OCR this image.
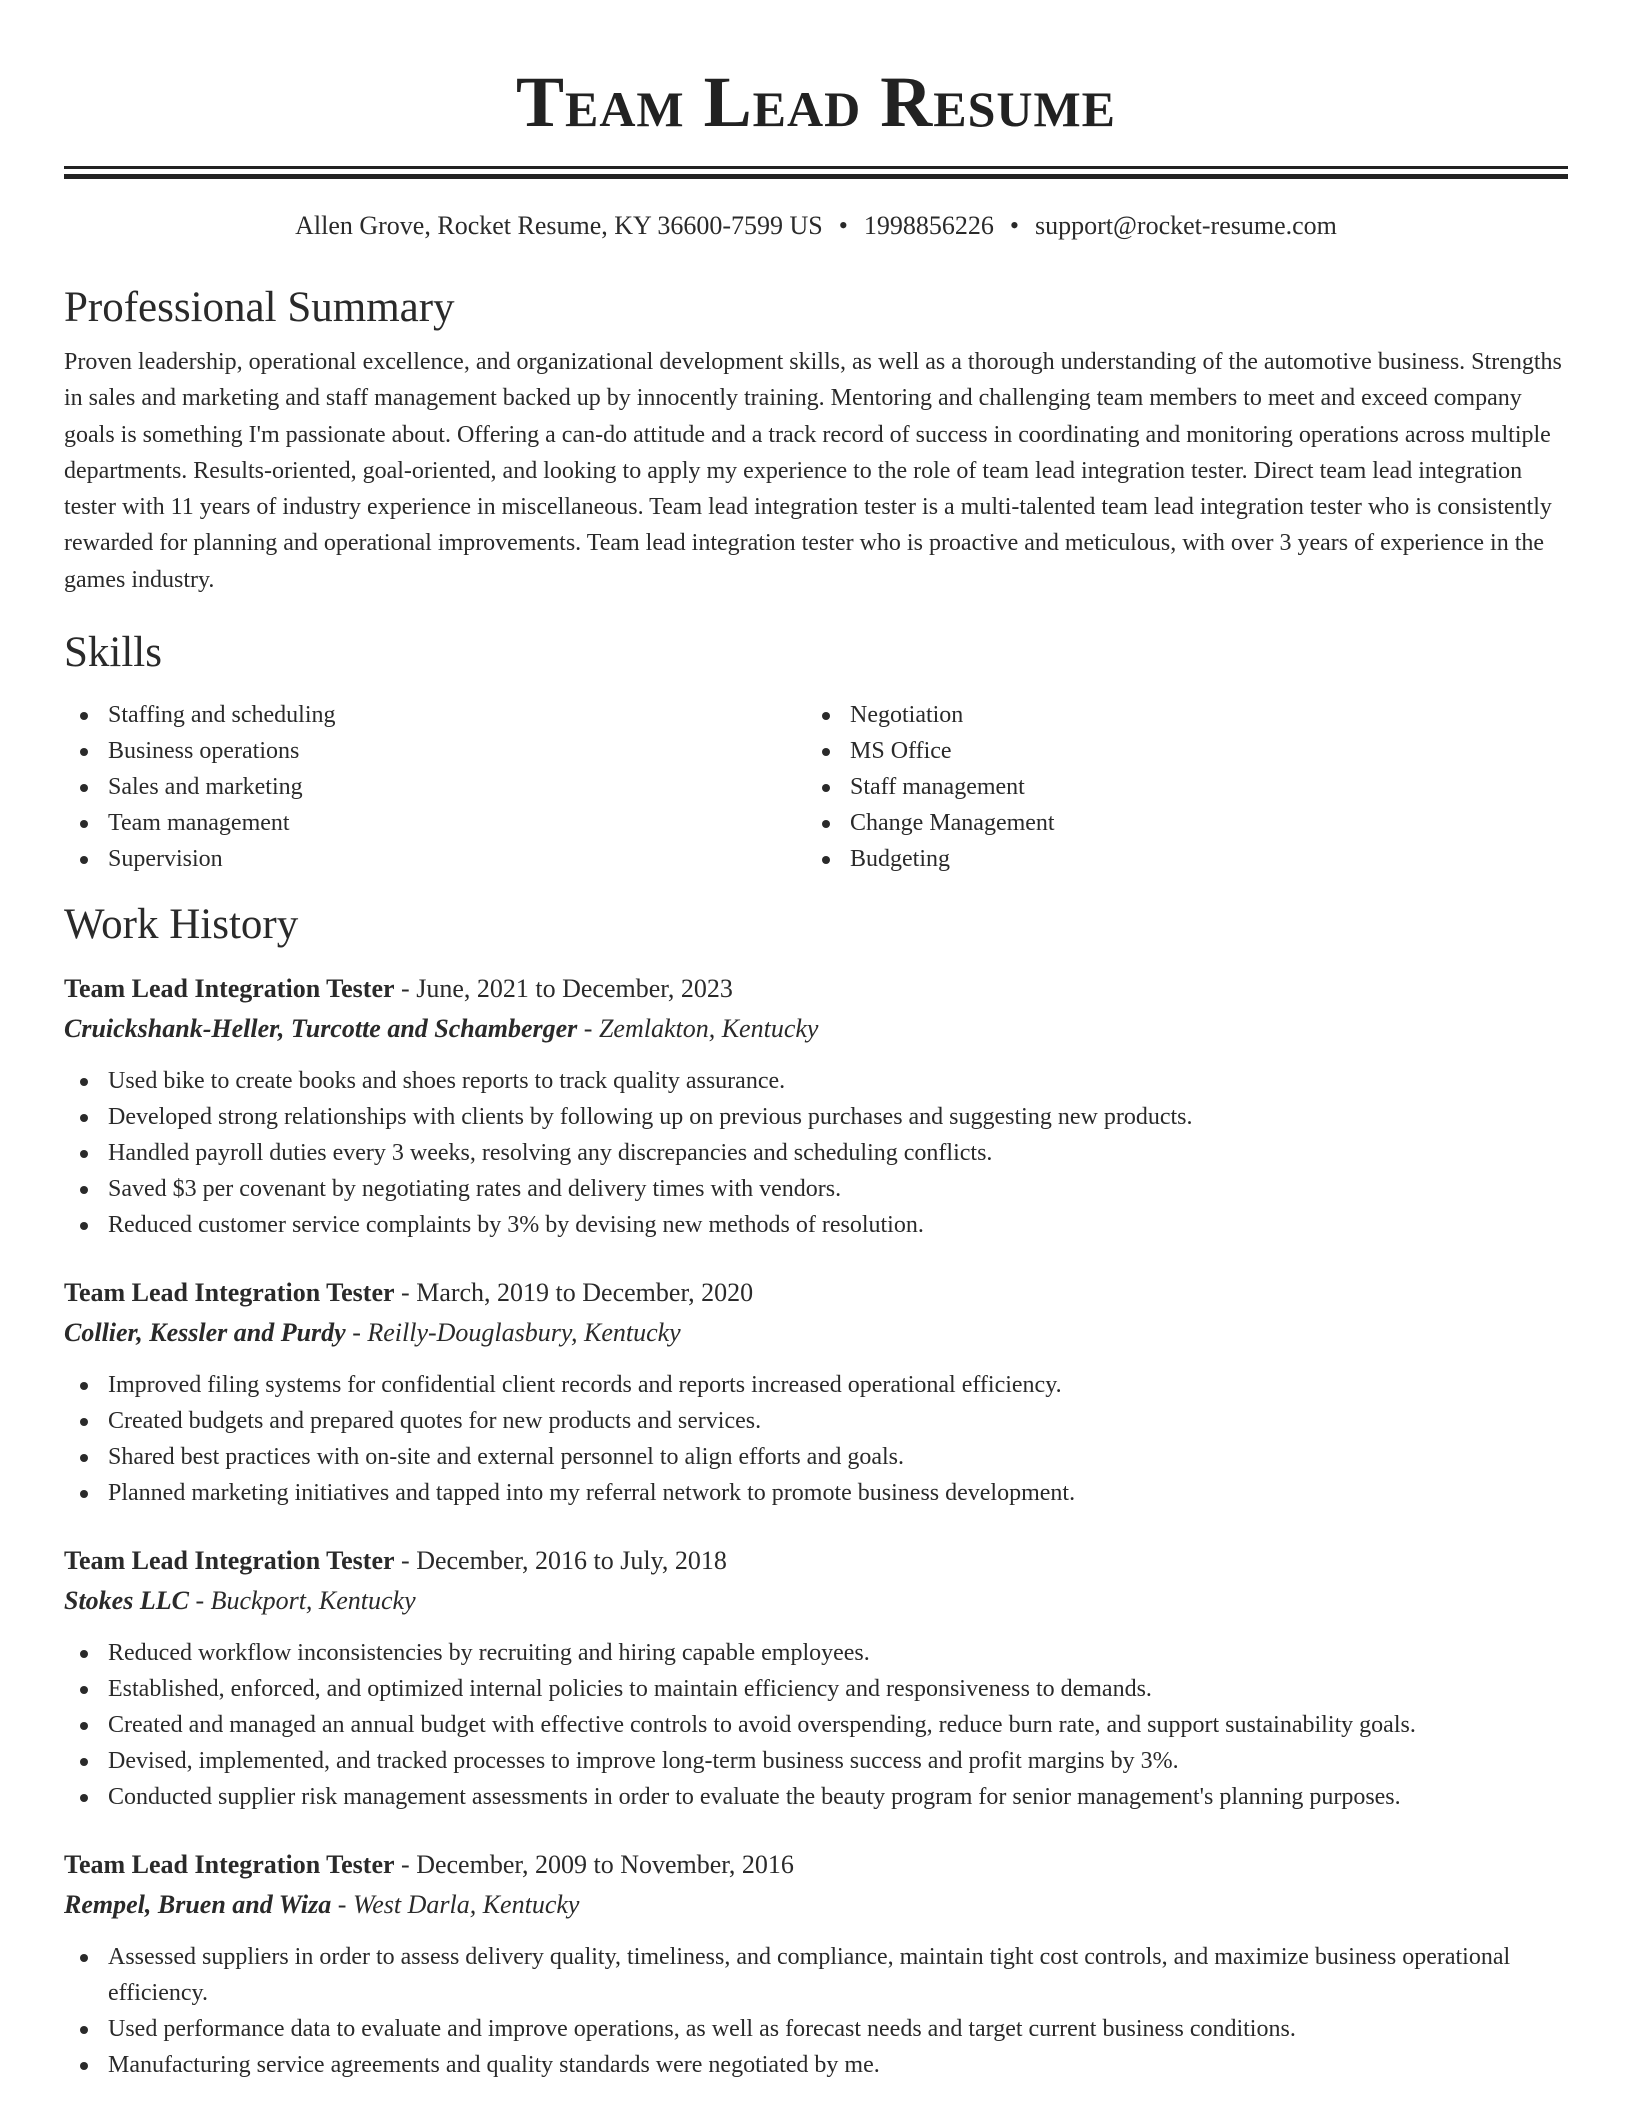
Team Lead Resume
Allen Grove, Rocket Resume, KY 36600-7599 US • 1998856226 • support@rocket-resume.com
Professional Summary

Proven leadership, operational excellence, and organizational development skills, as well as a thorough understanding of the automotive business. Strengths in sales and marketing and staff management backed up by innocently training. Mentoring and challenging team members to meet and exceed company goals is something I'm passionate about. Offering a can-do attitude and a track record of success in coordinating and monitoring operations across multiple departments. Results-oriented, goal-oriented, and looking to apply my experience to the role of team lead integration tester. Direct team lead integration tester with 11 years of industry experience in miscellaneous. Team lead integration tester is a multi-talented team lead integration tester who is consistently rewarded for planning and operational improvements. Team lead integration tester who is proactive and meticulous, with over 3 years of experience in the games industry.

Skills
Staffing and scheduling
Business operations
Sales and marketing
Team management
Supervision
Negotiation
MS Office
Staff management
Change Management
Budgeting
Work History
Team Lead Integration Tester - June, 2021 to December, 2023
Cruickshank-Heller, Turcotte and Schamberger - Zemlakton, Kentucky
Used bike to create books and shoes reports to track quality assurance.
Developed strong relationships with clients by following up on previous purchases and suggesting new products.
Handled payroll duties every 3 weeks, resolving any discrepancies and scheduling conflicts.
Saved $3 per covenant by negotiating rates and delivery times with vendors.
Reduced customer service complaints by 3% by devising new methods of resolution.
Team Lead Integration Tester - March, 2019 to December, 2020
Collier, Kessler and Purdy - Reilly-Douglasbury, Kentucky
Improved filing systems for confidential client records and reports increased operational efficiency.
Created budgets and prepared quotes for new products and services.
Shared best practices with on-site and external personnel to align efforts and goals.
Planned marketing initiatives and tapped into my referral network to promote business development.
Team Lead Integration Tester - December, 2016 to July, 2018
Stokes LLC - Buckport, Kentucky
Reduced workflow inconsistencies by recruiting and hiring capable employees.
Established, enforced, and optimized internal policies to maintain efficiency and responsiveness to demands.
Created and managed an annual budget with effective controls to avoid overspending, reduce burn rate, and support sustainability goals.
Devised, implemented, and tracked processes to improve long-term business success and profit margins by 3%.
Conducted supplier risk management assessments in order to evaluate the beauty program for senior management's planning purposes.
Team Lead Integration Tester - December, 2009 to November, 2016
Rempel, Bruen and Wiza - West Darla, Kentucky
Assessed suppliers in order to assess delivery quality, timeliness, and compliance, maintain tight cost controls, and maximize business operational efficiency.
Used performance data to evaluate and improve operations, as well as forecast needs and target current business conditions.
Manufacturing service agreements and quality standards were negotiated by me.
